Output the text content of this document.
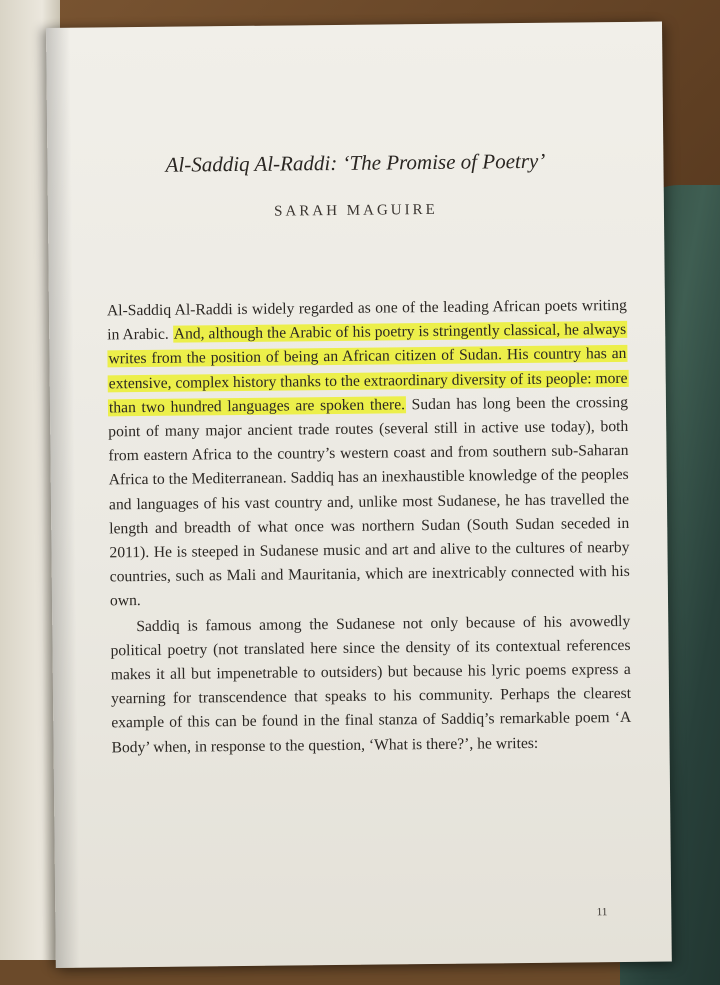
Al-Saddiq Al-Raddi: ‘The Promise of Poetry’
SARAH MAGUIRE

Al-Saddiq Al-Raddi is widely regarded as one of the leading African poets writing in Arabic. And, although the Arabic of his poetry is stringently classical, he always writes from the position of being an African citizen of Sudan. His country has an extensive, complex history thanks to the extraordinary diversity of its people: more than two hundred languages are spoken there. Sudan has long been the crossing point of many major ancient trade routes (several still in active use today), both from eastern Africa to the country’s western coast and from southern sub-Saharan Africa to the Mediterranean. Saddiq has an inexhaustible knowledge of the peoples and languages of his vast country and, unlike most Sudanese, he has travelled the length and breadth of what once was northern Sudan (South Sudan seceded in 2011). He is steeped in Sudanese music and art and alive to the cultures of nearby countries, such as Mali and Mauritania, which are inextricably connected with his own.

Saddiq is famous among the Sudanese not only because of his avowedly political poetry (not translated here since the density of its contextual references makes it all but impenetrable to outsiders) but because his lyric poems express a yearning for transcendence that speaks to his community. Perhaps the clearest example of this can be found in the final stanza of Saddiq’s remarkable poem ‘A Body’ when, in response to the question, ‘What is there?’, he writes:

11
